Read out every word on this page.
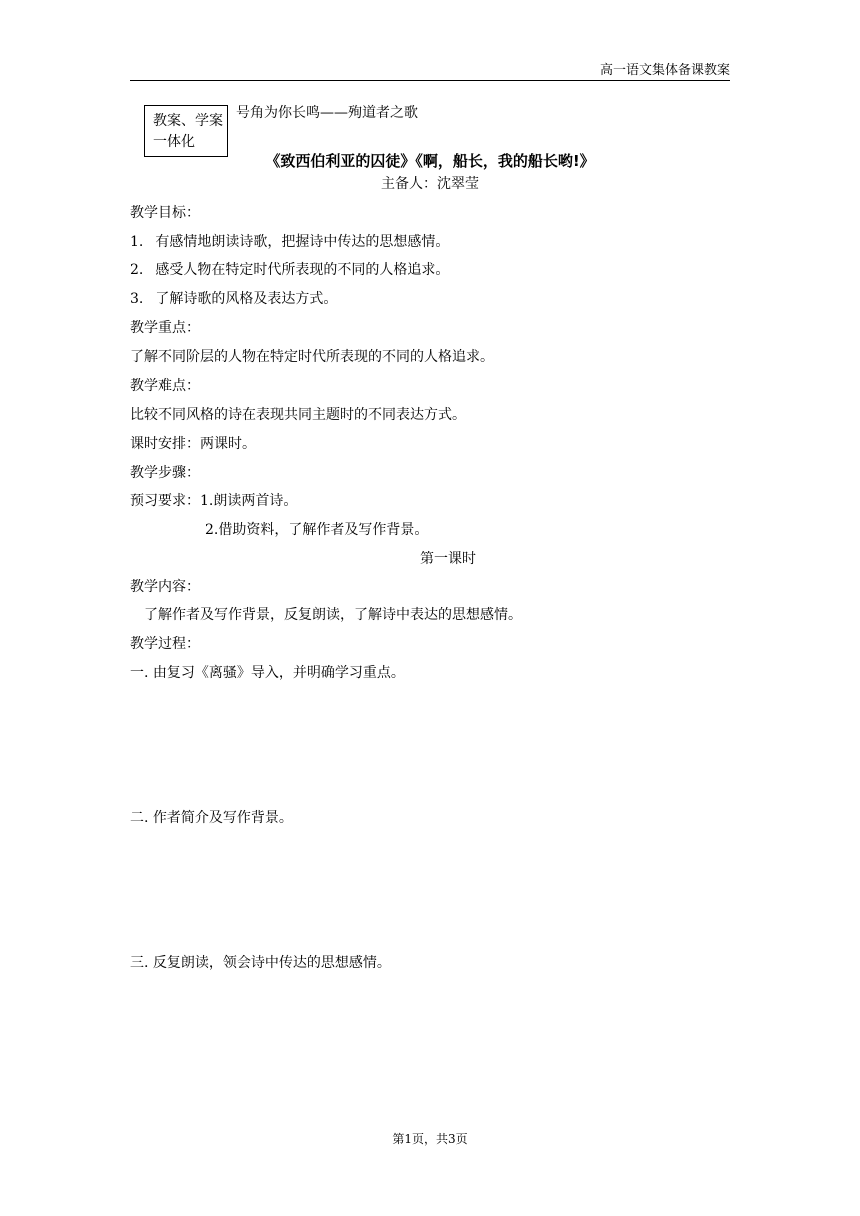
高一语文集体备课教案
教案、学案
一体化
号角为你长鸣——殉道者之歌
《致西伯利亚的囚徒》《啊，船长，我的船长哟!》
主备人：沈翠莹
教学目标：
1. 有感情地朗读诗歌，把握诗中传达的思想感情。
2. 感受人物在特定时代所表现的不同的人格追求。
3. 了解诗歌的风格及表达方式。
教学重点：
了解不同阶层的人物在特定时代所表现的不同的人格追求。
教学难点：
比较不同风格的诗在表现共同主题时的不同表达方式。
课时安排：两课时。
教学步骤：
预习要求：1.朗读两首诗。
2.借助资料，了解作者及写作背景。
第一课时
教学内容：
了解作者及写作背景，反复朗读，了解诗中表达的思想感情。
教学过程：
一. 由复习《离骚》导入，并明确学习重点。
二. 作者简介及写作背景。
三. 反复朗读，领会诗中传达的思想感情。
第1页，共3页
